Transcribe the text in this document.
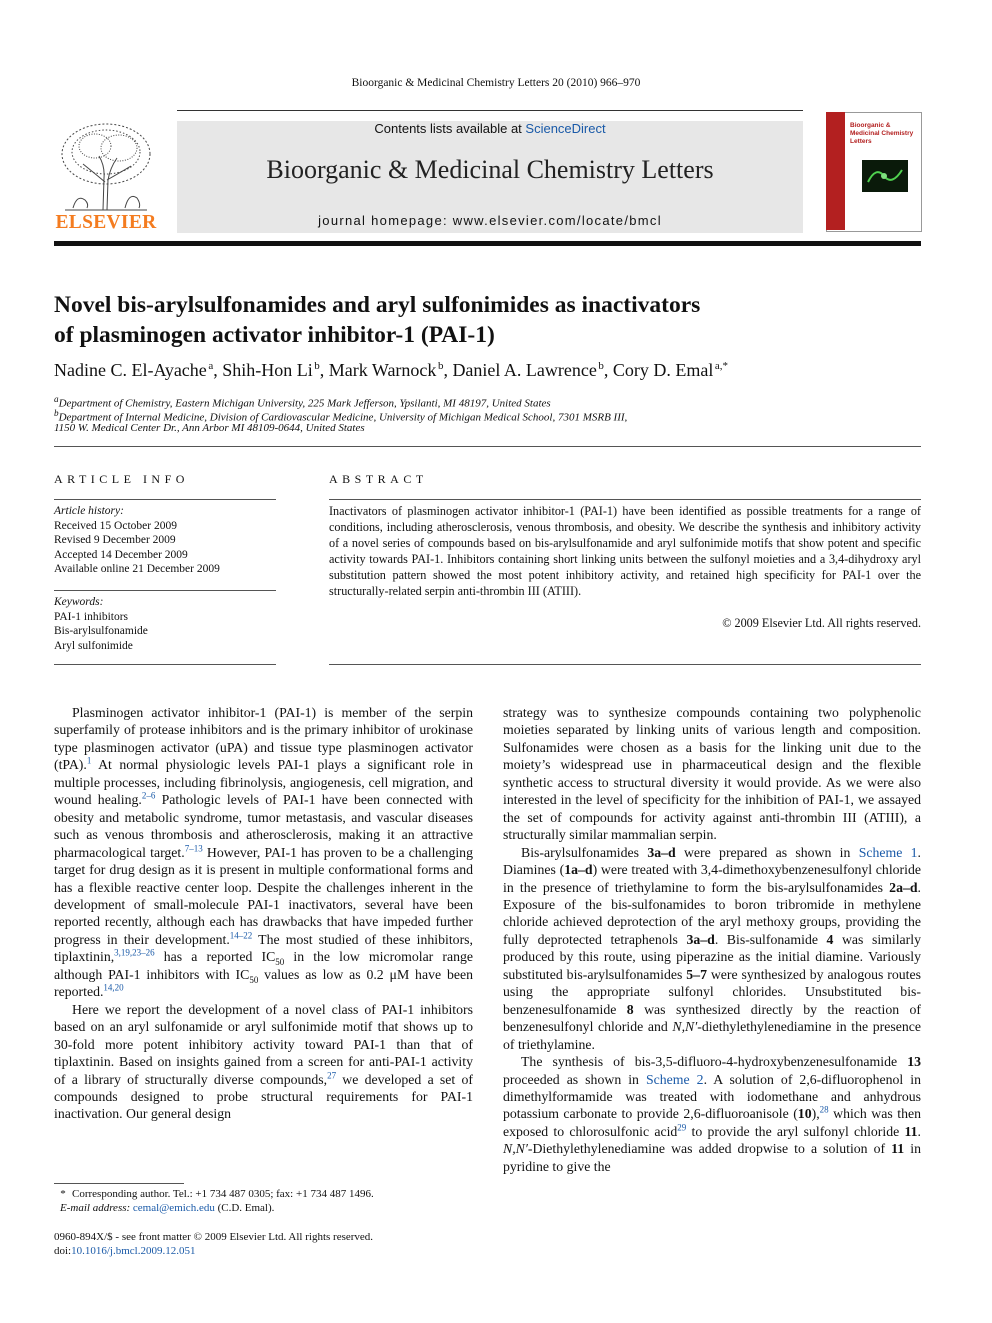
Bioorganic & Medicinal Chemistry Letters 20 (2010) 966–970
ELSEVIER
Contents lists available at ScienceDirect
Bioorganic & Medicinal Chemistry Letters
journal homepage: www.elsevier.com/locate/bmcl
Bioorganic & Medicinal Chemistry Letters
Novel bis-arylsulfonamides and aryl sulfonimides as inactivators
of plasminogen activator inhibitor-1 (PAI-1)
Nadine C. El-Ayache  $^a$, Shih-Hon Li  $^b$, Mark Warnock  $^b$, Daniel A. Lawrence  $^b$, Cory D. Emal  $^{a,*}$
$^a$Department of Chemistry, Eastern Michigan University, 225 Mark Jefferson, Ypsilanti, MI 48197, United States
$^b$Department of Internal Medicine, Division of Cardiovascular Medicine, University of Michigan Medical School, 7301 MSRB III,
1150 W. Medical Center Dr., Ann Arbor MI 48109-0644, United States
ARTICLE INFO
Article history:
Received 15 October 2009
Revised 9 December 2009
Accepted 14 December 2009
Available online 21 December 2009
Keywords:
PAI-1 inhibitors
Bis-arylsulfonamide
Aryl sulfonimide
ABSTRACT
Inactivators of plasminogen activator inhibitor-1 (PAI-1) have been identified as possible treatments for a range of conditions, including atherosclerosis, venous thrombosis, and obesity. We describe the synthesis and inhibitory activity of a novel series of compounds based on bis-arylsulfonamide and aryl sulfonimide motifs that show potent and specific activity towards PAI-1. Inhibitors containing short linking units between the sulfonyl moieties and a 3,4-dihydroxy aryl substitution pattern showed the most potent inhibitory activity, and retained high specificity for PAI-1 over the structurally-related serpin anti-thrombin III (ATIII).
© 2009 Elsevier Ltd. All rights reserved.

Plasminogen activator inhibitor-1 (PAI-1) is member of the serpin superfamily of protease inhibitors and is the primary inhibitor of urokinase type plasminogen activator (uPA) and tissue type plasminogen activator (tPA).$^1$ At normal physiologic levels PAI-1 plays a significant role in multiple processes, including fibrinolysis, angiogenesis, cell migration, and wound healing.$^{2-6}$ Pathologic levels of PAI-1 have been connected with obesity and metabolic syndrome, tumor metastasis, and vascular diseases such as venous thrombosis and atherosclerosis, making it an attractive pharmacological target.$^{7-13}$ However, PAI-1 has proven to be a challenging target for drug design as it is present in multiple conformational forms and has a flexible reactive center loop. Despite the challenges inherent in the development of small-molecule PAI-1 inactivators, several have been reported recently, although each has drawbacks that have impeded further progress in their development.$^{14-22}$ The most studied of these inhibitors, tiplaxtinin,$^{3,19,23-26}$ has a reported $IC_{50}$ in the low micromolar range although PAI-1 inhibitors with $IC_{50}$ values as low as 0.2 μM have been reported.$^{14,20}$

Here we report the development of a novel class of PAI-1 inhibitors based on an aryl sulfonamide or aryl sulfonimide motif that shows up to 30-fold more potent inhibitory activity toward PAI-1 than that of tiplaxtinin. Based on insights gained from a screen for anti-PAI-1 activity of a library of structurally diverse compounds,$^{27}$ we developed a set of compounds designed to probe structural requirements for PAI-1 inactivation. Our general design

strategy was to synthesize compounds containing two polyphenolic moieties separated by linking units of various length and composition. Sulfonamides were chosen as a basis for the linking unit due to the moiety’s widespread use in pharmaceutical design and the flexible synthetic access to structural diversity it would provide. As we were also interested in the level of specificity for the inhibition of PAI-1, we assayed the set of compounds for activity against anti-thrombin III (ATIII), a structurally similar mammalian serpin.

Bis-arylsulfonamides 3a–d were prepared as shown in Scheme 1. Diamines (1a–d) were treated with 3,4-dimethoxybenzenesulfonyl chloride in the presence of triethylamine to form the bis-arylsulfonamides 2a–d. Exposure of the bis-sulfonamides to boron tribromide in methylene chloride achieved deprotection of the aryl methoxy groups, providing the fully deprotected tetraphenols 3a–d. Bis-sulfonamide 4 was similarly produced by this route, using piperazine as the initial diamine. Variously substituted bis-arylsulfonamides 5–7 were synthesized by analogous routes using the appropriate sulfonyl chlorides. Unsubstituted bis-benzenesulfonamide 8 was synthesized directly by the reaction of benzenesulfonyl chloride and N,N′-diethylethylenediamine in the presence of triethylamine.

The synthesis of bis-3,5-difluoro-4-hydroxybenzenesulfonamide 13 proceeded as shown in Scheme 2. A solution of 2,6-difluorophenol in dimethylformamide was treated with iodomethane and anhydrous potassium carbonate to provide 2,6-difluoroanisole (10),$^{28}$ which was then exposed to chlorosulfonic acid$^{29}$ to provide the aryl sulfonyl chloride 11. N,N′-Diethylethylenediamine was added dropwise to a solution of 11 in pyridine to give the

* Corresponding author. Tel.: +1 734 487 0305; fax: +1 734 487 1496.
E-mail address: cemal@emich.edu (C.D. Emal).
0960-894X/$ - see front matter © 2009 Elsevier Ltd. All rights reserved.
doi:10.1016/j.bmcl.2009.12.051
